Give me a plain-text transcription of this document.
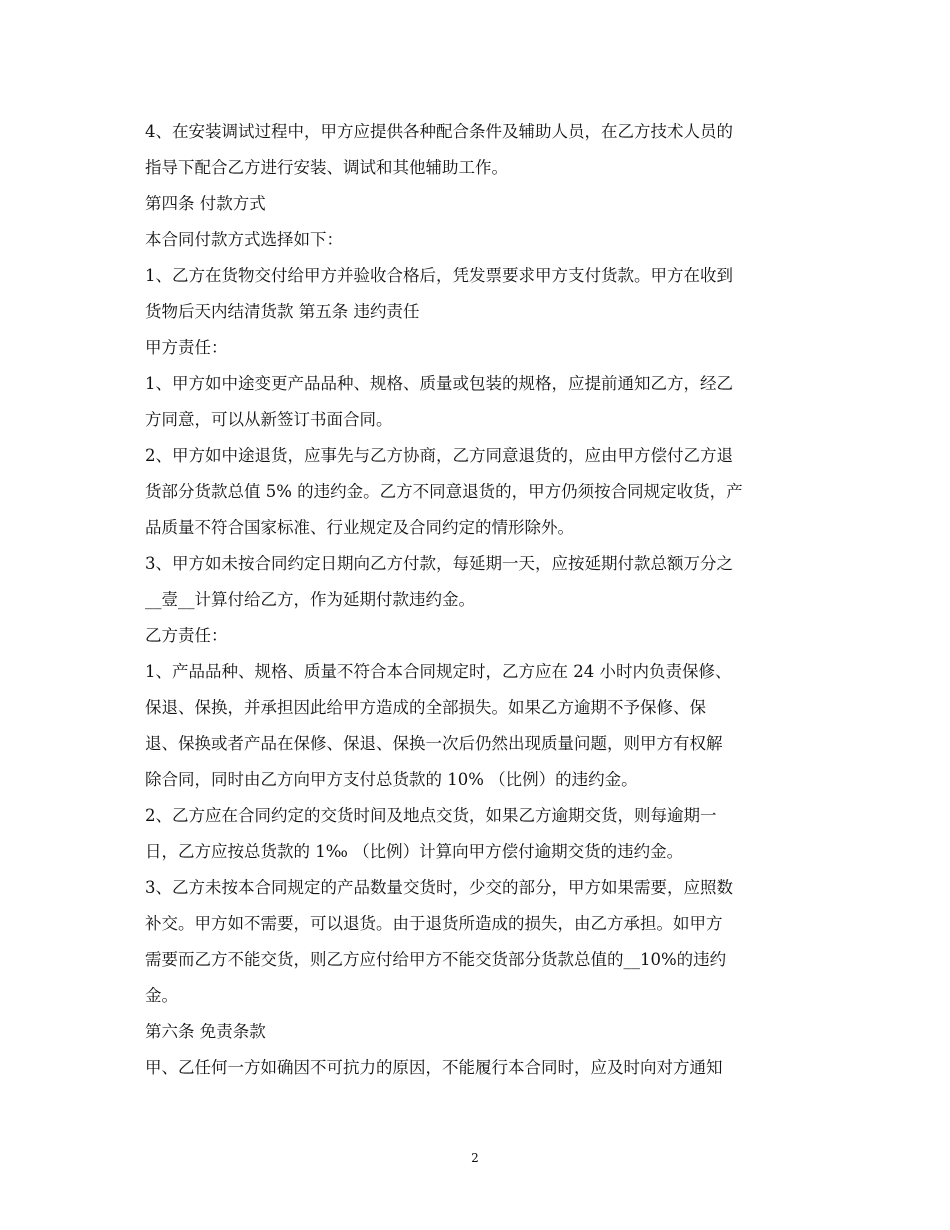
4、在安装调试过程中，甲方应提供各种配合条件及辅助人员，在乙方技术人员的
指导下配合乙方进行安装、调试和其他辅助工作。
第四条 付款方式
本合同付款方式选择如下：
1、乙方在货物交付给甲方并验收合格后，凭发票要求甲方支付货款。甲方在收到
货物后天内结清货款 第五条 违约责任
甲方责任：
1、甲方如中途变更产品品种、规格、质量或包装的规格，应提前通知乙方，经乙
方同意，可以从新签订书面合同。
2、甲方如中途退货，应事先与乙方协商，乙方同意退货的，应由甲方偿付乙方退
货部分货款总值 5% 的违约金。乙方不同意退货的，甲方仍须按合同规定收货，产
品质量不符合国家标准、行业规定及合同约定的情形除外。
3、甲方如未按合同约定日期向乙方付款，每延期一天，应按延期付款总额万分之
__壹__计算付给乙方，作为延期付款违约金。
乙方责任：
1、产品品种、规格、质量不符合本合同规定时，乙方应在 24 小时内负责保修、
保退、保换，并承担因此给甲方造成的全部损失。如果乙方逾期不予保修、保
退、保换或者产品在保修、保退、保换一次后仍然出现质量问题，则甲方有权解
除合同，同时由乙方向甲方支付总货款的 10% （比例）的违约金。
2、乙方应在合同约定的交货时间及地点交货，如果乙方逾期交货，则每逾期一
日，乙方应按总货款的 1‰ （比例）计算向甲方偿付逾期交货的违约金。
3、乙方未按本合同规定的产品数量交货时，少交的部分，甲方如果需要，应照数
补交。甲方如不需要，可以退货。由于退货所造成的损失，由乙方承担。如甲方
需要而乙方不能交货，则乙方应付给甲方不能交货部分货款总值的__10%的违约
金。
第六条 免责条款
甲、乙任何一方如确因不可抗力的原因，不能履行本合同时，应及时向对方通知
2
